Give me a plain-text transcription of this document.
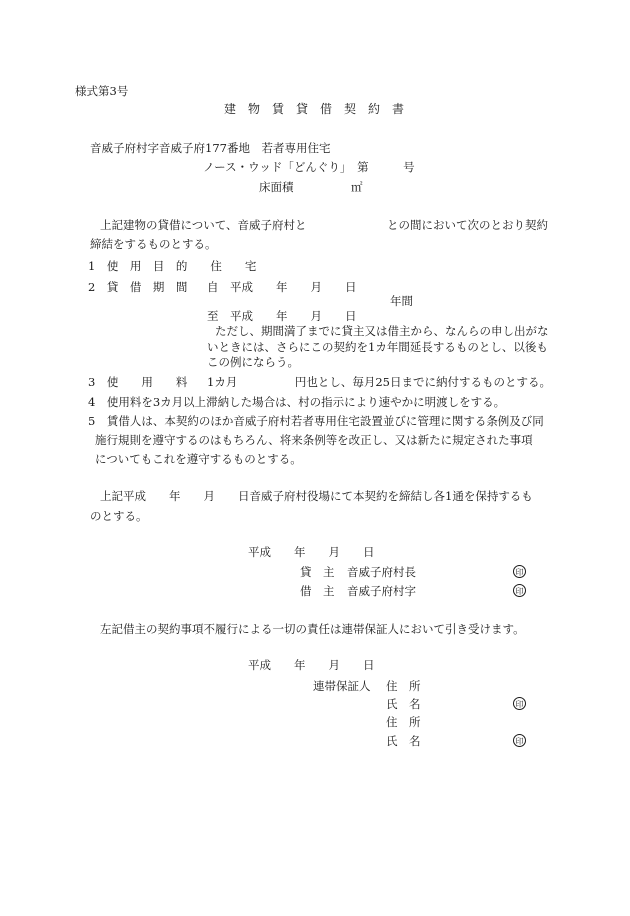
様式第3号
建　物　賃　貸　借　契　約　書
音威子府村字音威子府177番地　若者専用住宅
ノース・ウッド「どんぐり」　第　　　号
床面積　　　　　㎡
上記建物の貸借について、音威子府村と　　　　　　　との間において次のとおり契約
締結をするものとする。
1　使　用　目　的　　住　　宅
2　貸　借　期　間 自　平成　　年　　月　　日
年間
至　平成　　年　　月　　日
ただし、期間満了までに貸主又は借主から、なんらの申し出がな
いときには、さらにこの契約を1カ年間延長するものとし、以後も
この例にならう。
3　使　　用　　料 1カ月　　　　　円也とし、毎月25日までに納付するものとする。
4　使用料を3カ月以上滞納した場合は、村の指示により速やかに明渡しをする。
5　賃借人は、本契約のほか音威子府村若者専用住宅設置並びに管理に関する条例及び同
施行規則を遵守するのはもちろん、将来条例等を改正し、又は新たに規定された事項
についてもこれを遵守するものとする。
上記平成　　年　　月　　日音威子府村役場にて本契約を締結し各1通を保持するも
のとする。
平成　　年　　月　　日
貸　主 音威子府村長	印
借　主 音威子府村字	印
左記借主の契約事項不履行による一切の責任は連帯保証人において引き受けます。
平成　　年　　月　　日
連帯保証人 住　所
氏　名	印
住　所
氏　名	印
